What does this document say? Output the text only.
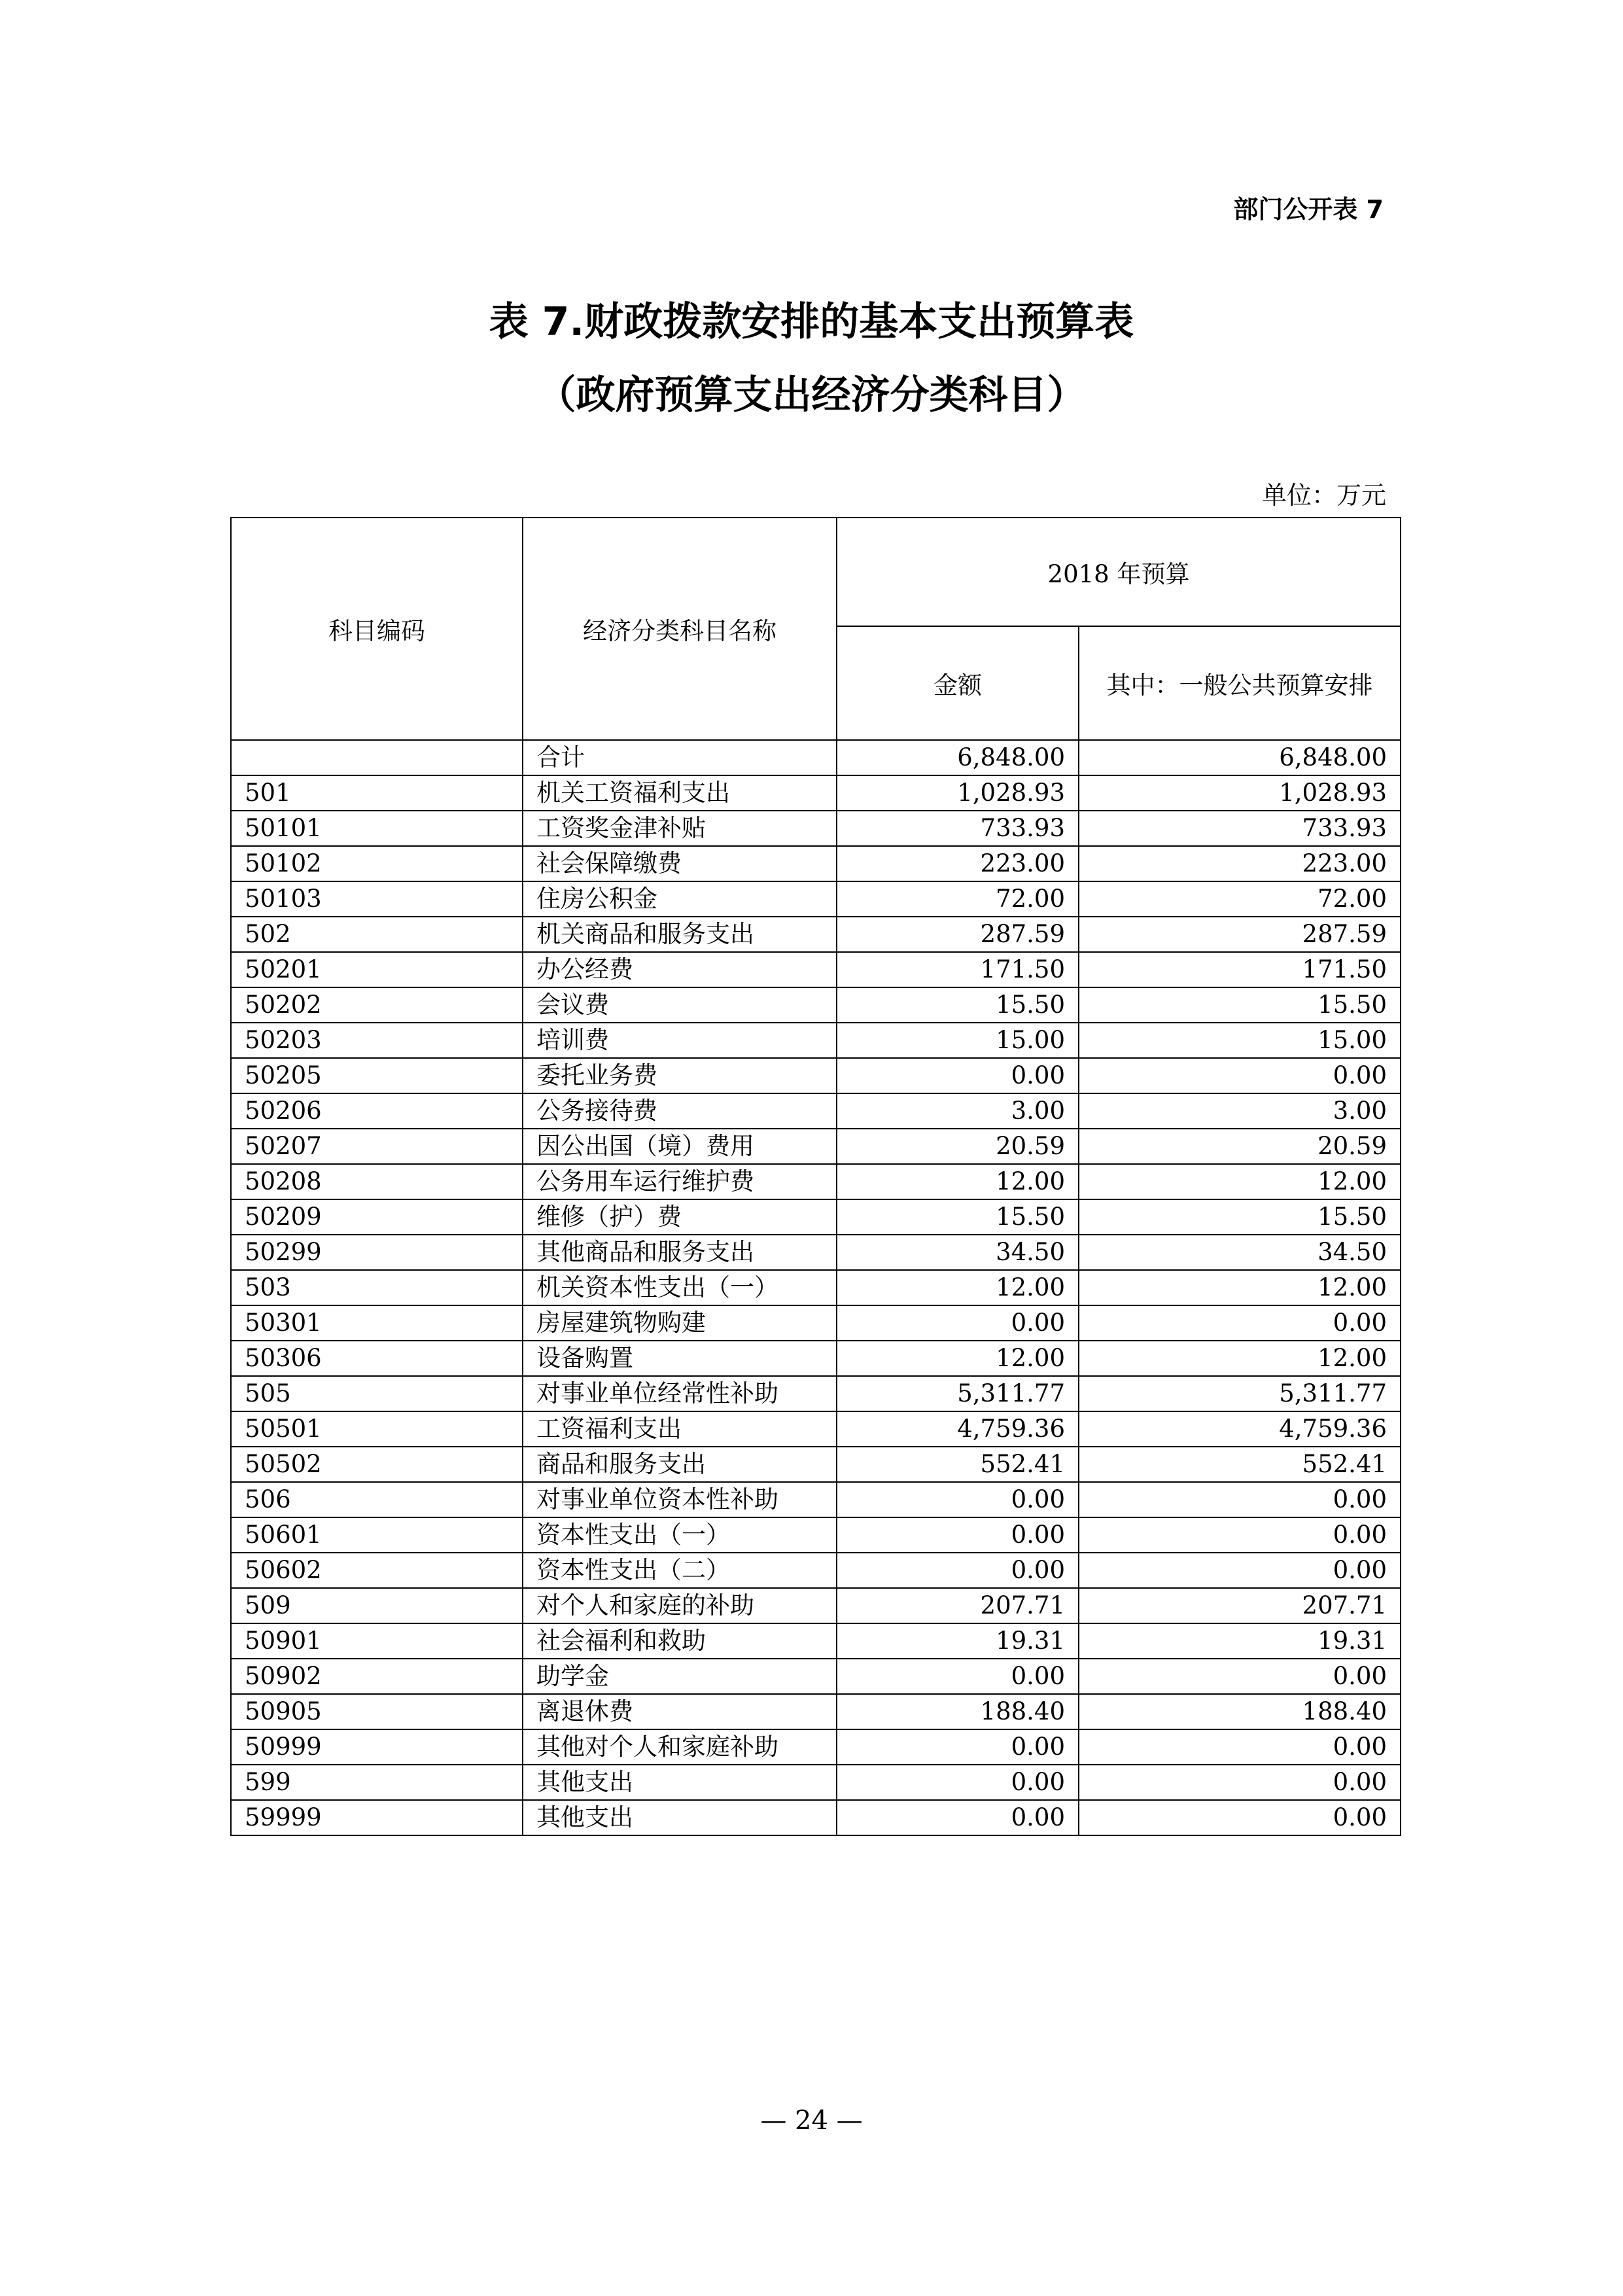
部门公开表 7
表 7.财政拨款安排的基本支出预算表
（政府预算支出经济分类科目）
单位：万元
科目编码	经济分类科目名称	2018 年预算	
		金额	其中：一般公共预算安排
	合计	6,848.00	6,848.00
501	机关工资福利支出	1,028.93	1,028.93
50101	工资奖金津补贴	733.93	733.93
50102	社会保障缴费	223.00	223.00
50103	住房公积金	72.00	72.00
502	机关商品和服务支出	287.59	287.59
50201	办公经费	171.50	171.50
50202	会议费	15.50	15.50
50203	培训费	15.00	15.00
50205	委托业务费	0.00	0.00
50206	公务接待费	3.00	3.00
50207	因公出国（境）费用	20.59	20.59
50208	公务用车运行维护费	12.00	12.00
50209	维修（护）费	15.50	15.50
50299	其他商品和服务支出	34.50	34.50
503	机关资本性支出（一）	12.00	12.00
50301	房屋建筑物购建	0.00	0.00
50306	设备购置	12.00	12.00
505	对事业单位经常性补助	5,311.77	5,311.77
50501	工资福利支出	4,759.36	4,759.36
50502	商品和服务支出	552.41	552.41
506	对事业单位资本性补助	0.00	0.00
50601	资本性支出（一）	0.00	0.00
50602	资本性支出（二）	0.00	0.00
509	对个人和家庭的补助	207.71	207.71
50901	社会福利和救助	19.31	19.31
50902	助学金	0.00	0.00
50905	离退休费	188.40	188.40
50999	其他对个人和家庭补助	0.00	0.00
599	其他支出	0.00	0.00
59999	其他支出	0.00	0.00
— 24 —
